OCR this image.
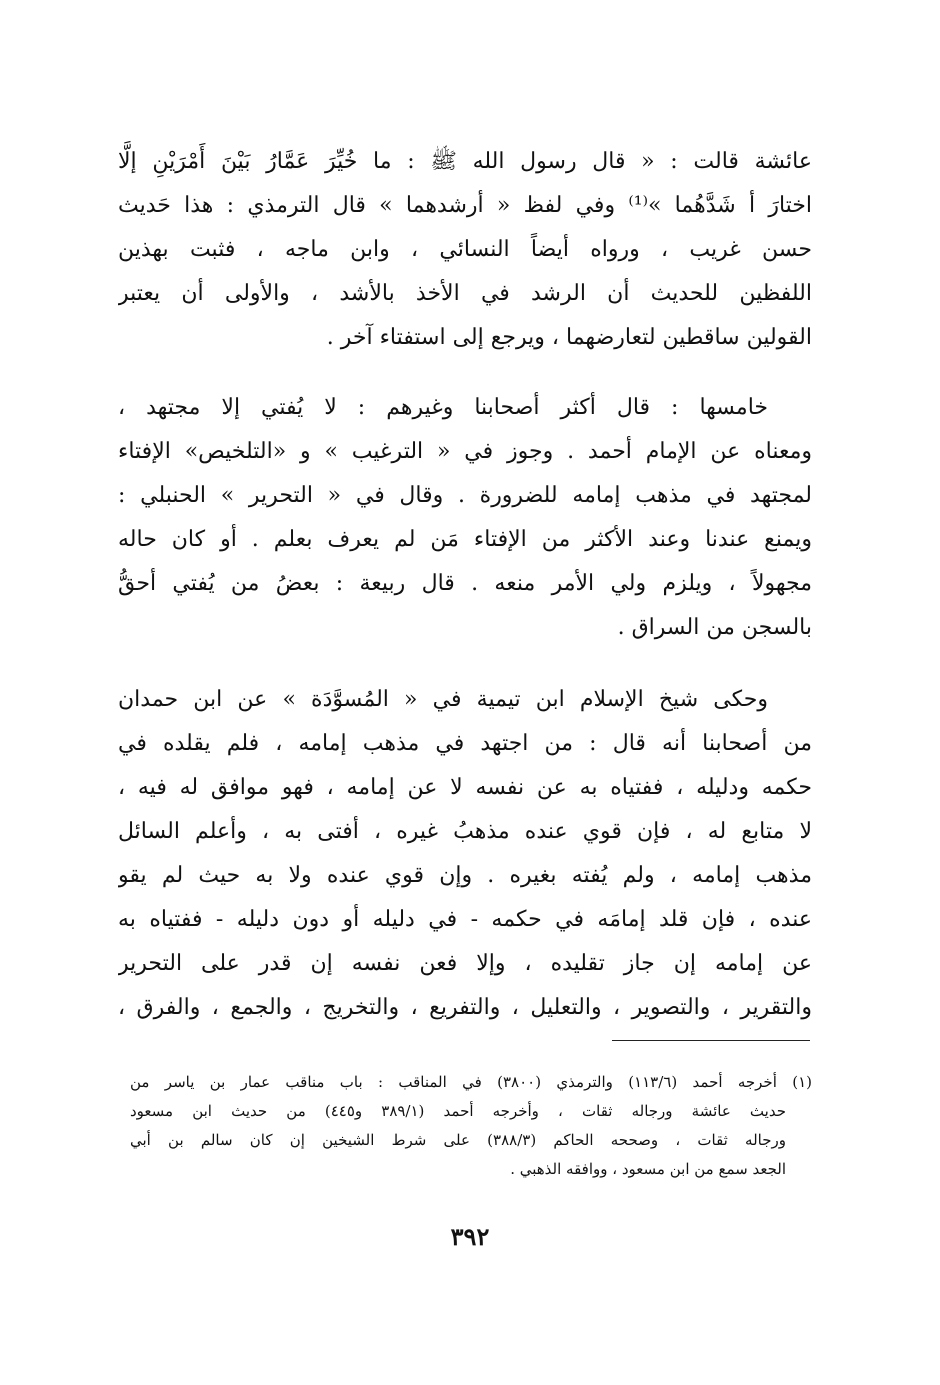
عائشة قالت : « قال رسول الله ﷺ : ما خُيِّرَ عَمَّارُ بَيْنَ أَمْرَيْنِ إلَّا
اختارَ أ شَدَّهُما »⁽¹⁾ وفي لفظ « أرشدهما » قال الترمذي : هذا حَديث
حسن غريب ، ورواه أيضاً النسائي ، وابن ماجه ، فثبت بهذين
اللفظين للحديث أن الرشد في الأخذ بالأشد ، والأولى أن يعتبر
القولين ساقطين لتعارضهما ، ويرجع إلى استفتاء آخر .
خامسها : قال أكثر أصحابنا وغيرهم : لا يُفتي إلا مجتهد ،
ومعناه عن الإمام أحمد . وجوز في « الترغيب » و «التلخيص» الإفتاء
لمجتهد في مذهب إمامه للضرورة . وقال في « التحرير » الحنبلي :
ويمنع عندنا وعند الأكثر من الإفتاء مَن لم يعرف بعلم . أو كان حاله
مجهولاً ، ويلزم ولي الأمر منعه . قال ربيعة : بعضُ من يُفتي أحقُّ
بالسجن من السراق .
وحكى شيخ الإسلام ابن تيمية في « المُسوَّدَة » عن ابن حمدان
من أصحابنا أنه قال : من اجتهد في مذهب إمامه ، فلم يقلده في
حكمه ودليله ، ففتياه به عن نفسه لا عن إمامه ، فهو موافق له فيه ،
لا متابع له ، فإن قوي عنده مذهبُ غيره ، أفتى به ، وأعلم السائل
مذهب إمامه ، ولم يُفته بغيره . وإن قوي عنده ولا به حيث لم يقو
عنده ، فإن قلد إمامَه في حكمه - في دليله أو دون دليله - ففتياه به
عن إمامه إن جاز تقليده ، وإلا فعن نفسه إن قدر على التحرير
والتقرير ، والتصوير ، والتعليل ، والتفريع ، والتخريج ، والجمع ، والفرق ،
(١) أخرجه أحمد (١١٣/٦) والترمذي (٣٨٠٠) في المناقب : باب مناقب عمار بن ياسر من
حديث عائشة ورجاله ثقات ، وأخرجه أحمد (٣٨٩/١ و٤٤٥) من حديث ابن مسعود
ورجاله ثقات ، وصححه الحاكم (٣٨٨/٣) على شرط الشيخين إن كان سالم بن أبي
الجعد سمع من ابن مسعود ، ووافقه الذهبي .
٣٩٢
